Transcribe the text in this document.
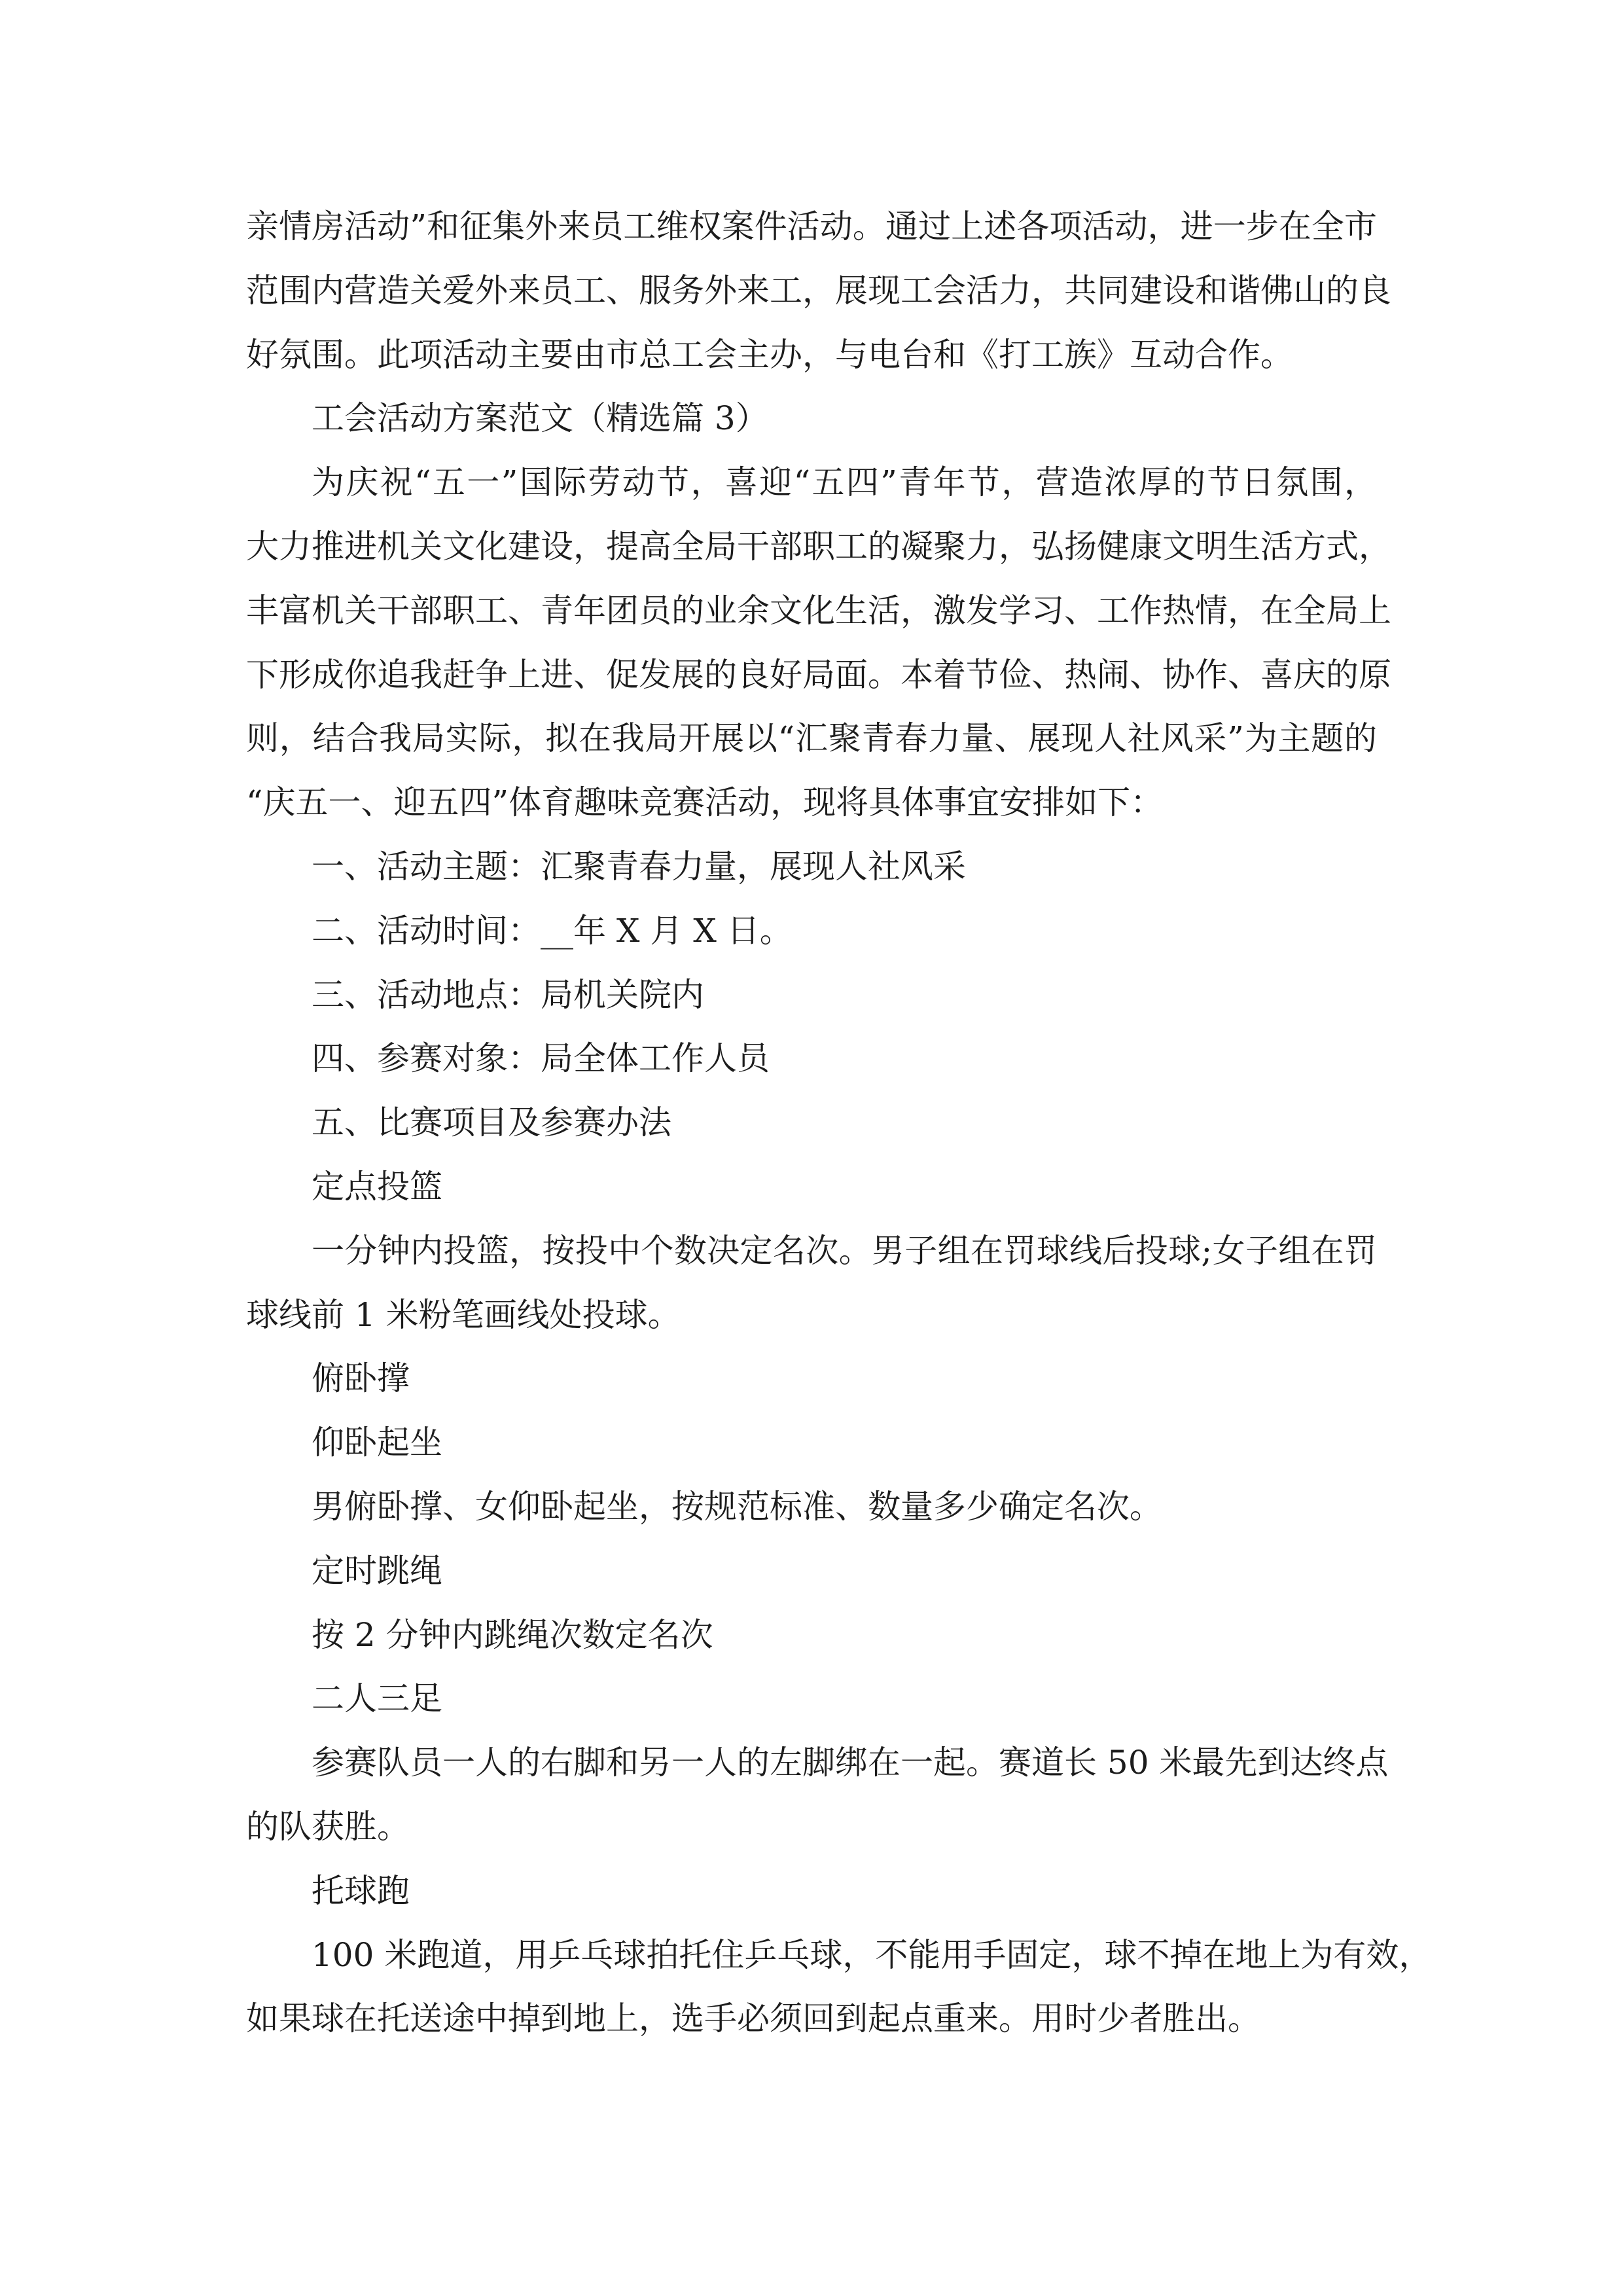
亲情房活动”和征集外来员工维权案件活动。通过上述各项活动，进一步在全市
范围内营造关爱外来员工、服务外来工，展现工会活力，共同建设和谐佛山的良
好氛围。此项活动主要由市总工会主办，与电台和《打工族》互动合作。
工会活动方案范文（精选篇 3）
为庆祝“五一”国际劳动节，喜迎“五四”青年节，营造浓厚的节日氛围，
大力推进机关文化建设，提高全局干部职工的凝聚力，弘扬健康文明生活方式，
丰富机关干部职工、青年团员的业余文化生活，激发学习、工作热情，在全局上
下形成你追我赶争上进、促发展的良好局面。本着节俭、热闹、协作、喜庆的原
则，结合我局实际，拟在我局开展以“汇聚青春力量、展现人社风采”为主题的
“庆五一、迎五四”体育趣味竞赛活动，现将具体事宜安排如下：
一、活动主题：汇聚青春力量，展现人社风采
二、活动时间：__年 X 月 X 日。
三、活动地点：局机关院内
四、参赛对象：局全体工作人员
五、比赛项目及参赛办法
定点投篮
一分钟内投篮，按投中个数决定名次。男子组在罚球线后投球;女子组在罚
球线前 1 米粉笔画线处投球。
俯卧撑
仰卧起坐
男俯卧撑、女仰卧起坐，按规范标准、数量多少确定名次。
定时跳绳
按 2 分钟内跳绳次数定名次
二人三足
参赛队员一人的右脚和另一人的左脚绑在一起。赛道长 50 米最先到达终点
的队获胜。
托球跑
100 米跑道，用乒乓球拍托住乒乓球，不能用手固定，球不掉在地上为有效，
如果球在托送途中掉到地上，选手必须回到起点重来。用时少者胜出。
